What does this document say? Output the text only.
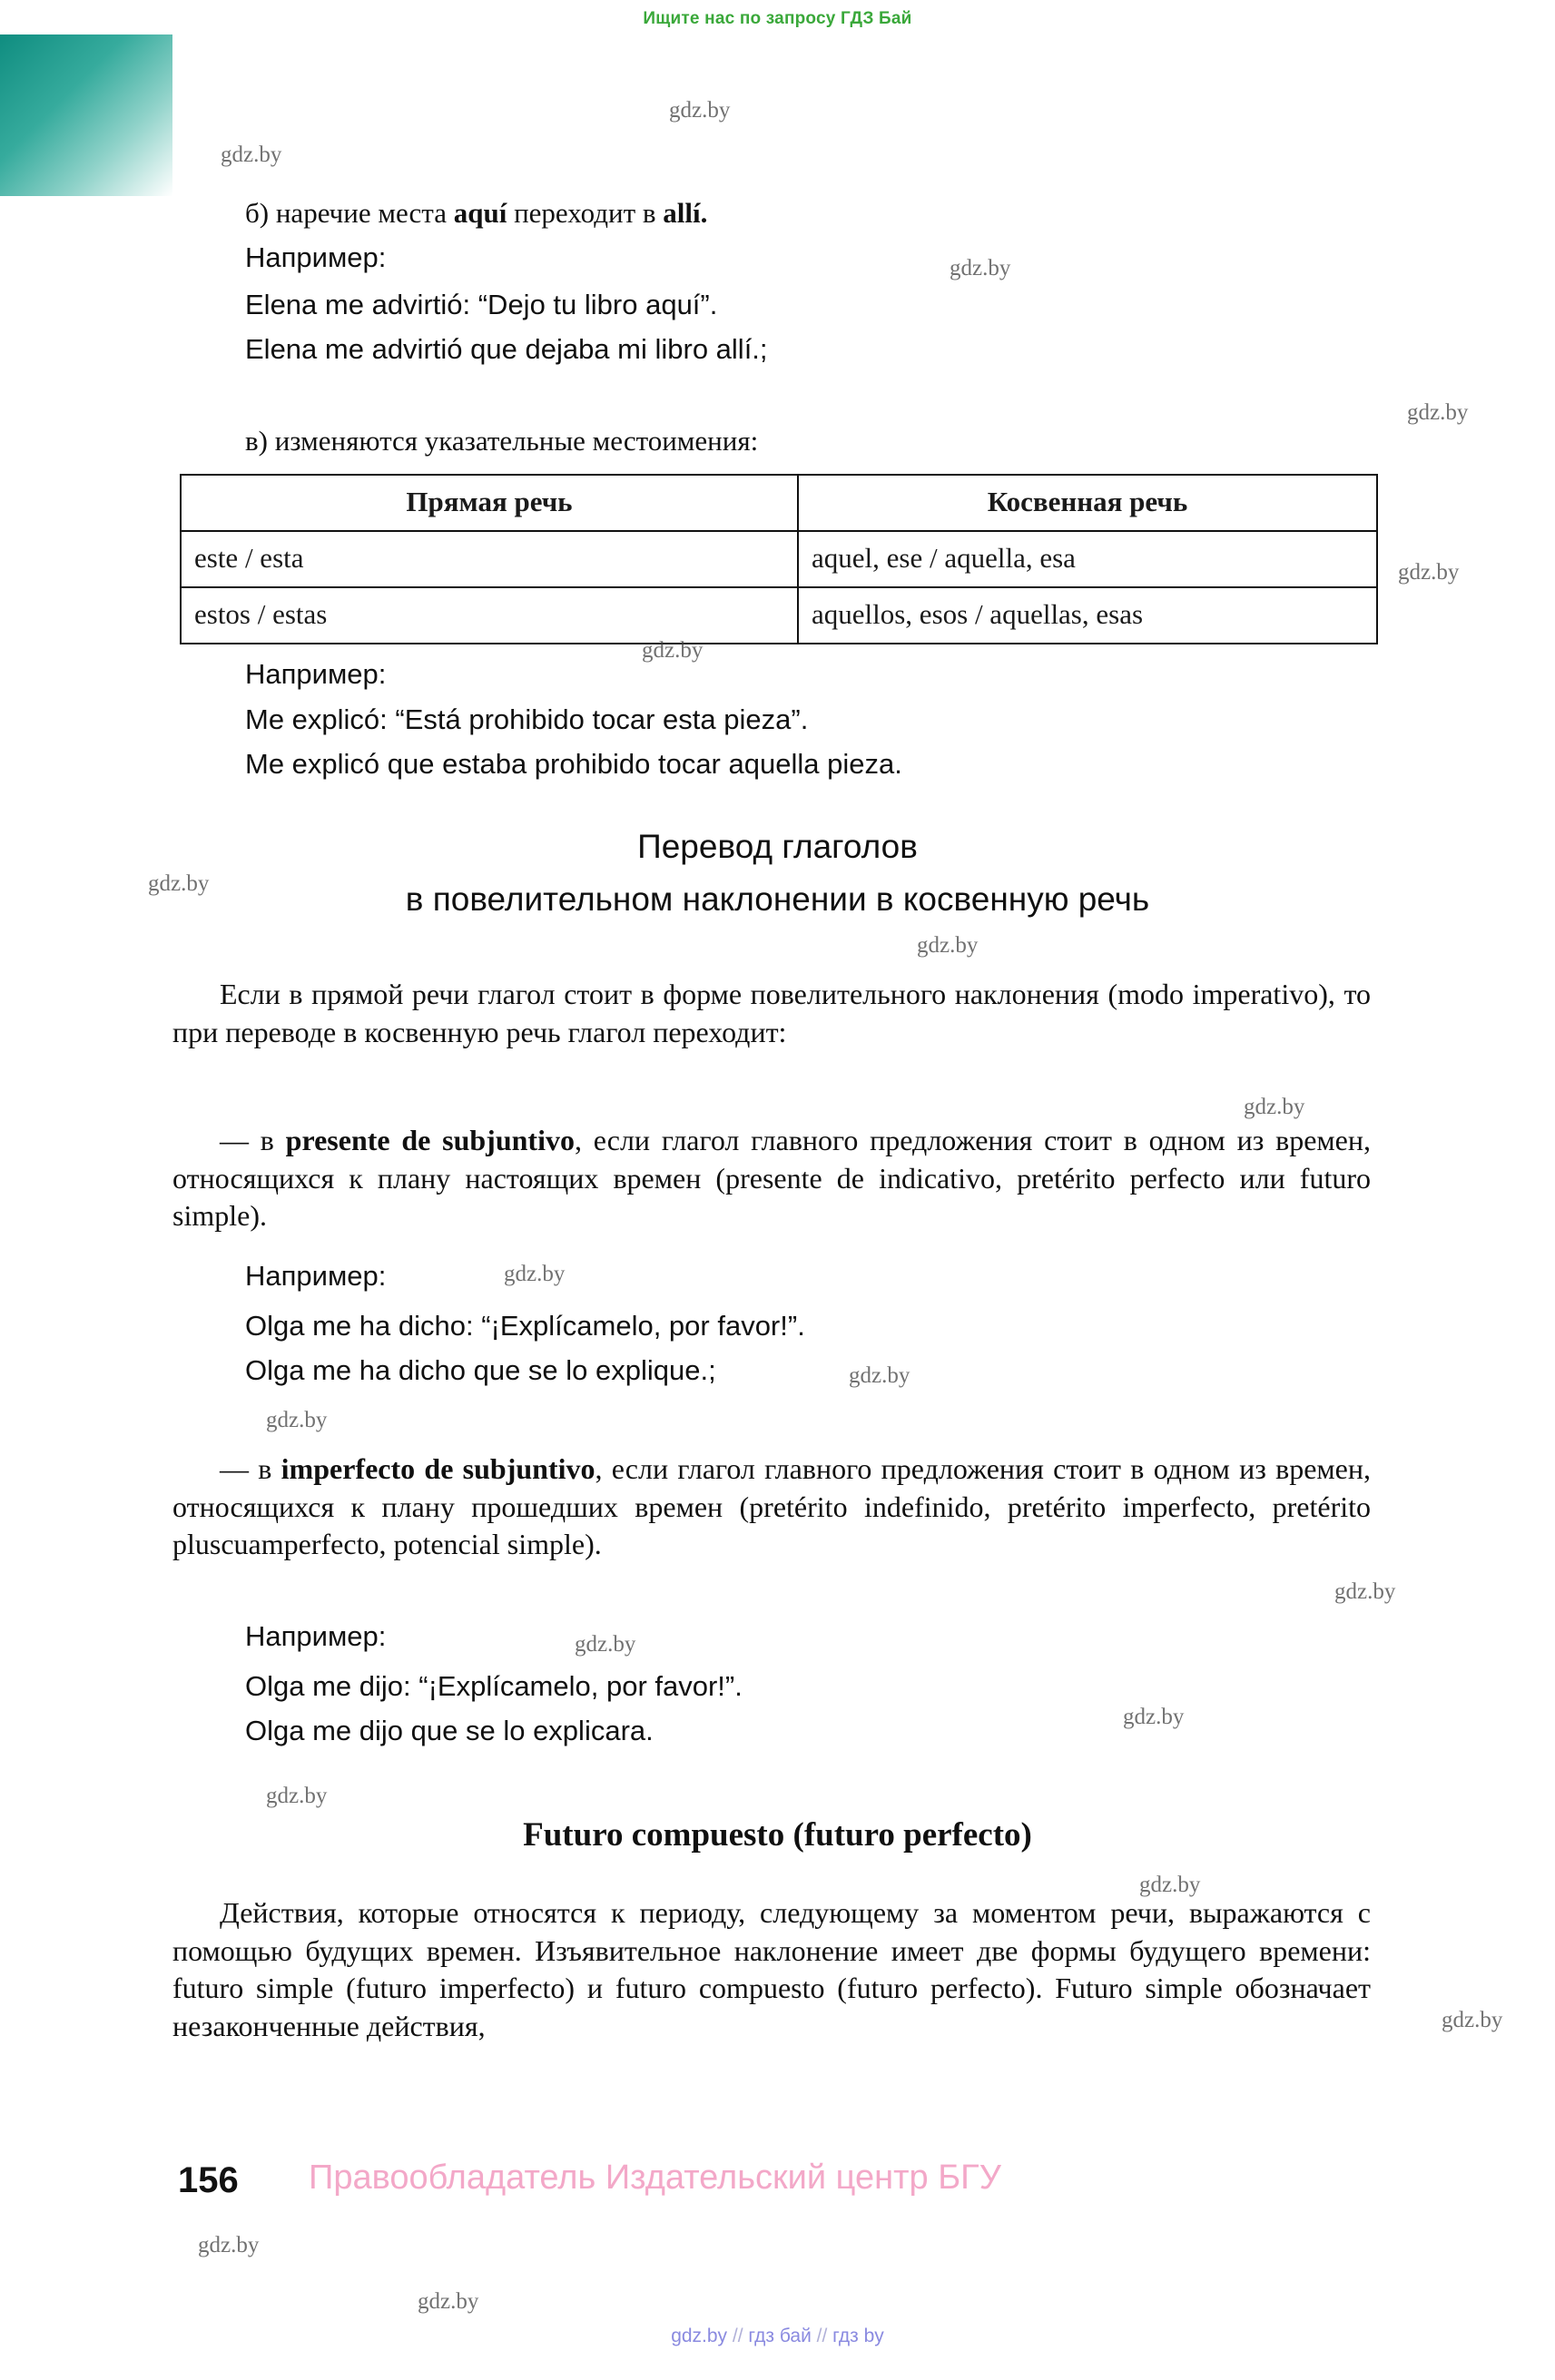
Ищите нас по запросу ГДЗ Бай
б) наречие места aquí переходит в allí.
Например:
Elena me advirtió: “Dejo tu libro aquí”.
Elena me advirtió que dejaba mi libro allí.;
в) изменяются указательные местоимения:
Прямая речь	Косвенная речь
este / esta	aquel, ese / aquella, esa
estos / estas	aquellos, esos / aquellas, esas
Например:
Me explicó: “Está prohibido tocar esta pieza”.
Me explicó que estaba prohibido tocar aquella pieza.
Перевод глаголов
в повелительном наклонении в косвенную речь
Если в прямой речи глагол стоит в форме повелительного наклонения (modo imperativo), то при переводе в косвенную речь глагол переходит:
— в presente de subjuntivo, если глагол главного предложения стоит в одном из времен, относящихся к плану настоящих времен (presente de indicativo, pretérito perfecto или futuro simple).
Например:
Olga me ha dicho: “¡Explícamelo, por favor!”.
Olga me ha dicho que se lo explique.;
— в imperfecto de subjuntivo, если глагол главного предложения стоит в одном из времен, относящихся к плану прошедших времен (pretérito indefinido, pretérito imperfecto, pretérito pluscuamperfecto, potencial simple).
Например:
Olga me dijo: “¡Explícamelo, por favor!”.
Olga me dijo que se lo explicara.
Futuro compuesto (futuro perfecto)
Действия, которые относятся к периоду, следующему за моментом речи, выражаются с помощью будущих времен. Изъявительное наклонение имеет две формы будущего времени: futuro simple (futuro imperfecto) и futuro compuesto (futuro perfecto). Futuro simple обозначает незаконченные действия,
156 Правообладатель Издательский центр БГУ
gdz.by // гдз бай // гдз by
gdz.by
gdz.by
gdz.by
gdz.by
gdz.by
gdz.by
gdz.by
gdz.by
gdz.by
gdz.by
gdz.by
gdz.by
gdz.by
gdz.by
gdz.by
gdz.by
gdz.by
gdz.by
gdz.by
gdz.by
